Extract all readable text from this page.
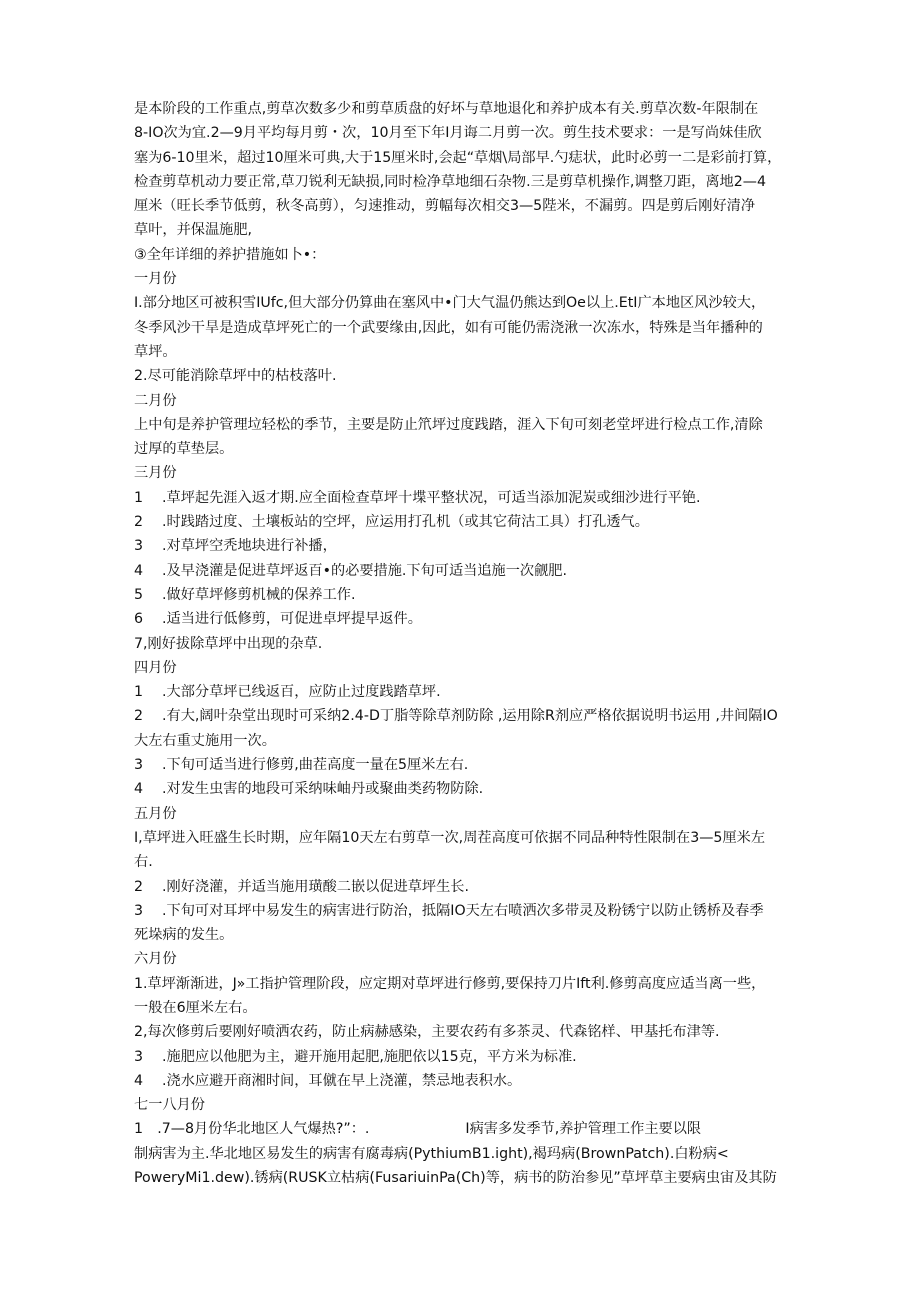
是本阶段的工作重点,剪草次数多少和剪草质盘的好坏与草地退化和养护成本有关.剪草次数-年限制在
8-IO次为宜.2—9月平均每月剪・次，10月至下年I月诲二月剪一次。剪生技术要求：一是写尚妹佳欣
塞为6-10里米，超过10厘米可典,大于15厘米时,会起“草烟\局部早.勺痣状，此时必剪一二是彩前打算，
检查剪草机动力要正常,草刀锐利无缺损,同时检净草地细石杂物.三是剪草机操作,调整刀距，离地2—4
厘米（旺长季节低剪，秋冬高剪），匀速推动，剪幅每次相交3—5陛米，不漏剪。四是剪后刚好清净
草叶，并保温施肥,
③全年详细的养护措施如卜•：
一月份
I.部分地区可被积雪IUfc,但大部分仍算曲在塞风中•门大气温仍熊达到Oe以上.EtI广本地区风沙较大，
冬季风沙干旱是造成草坪死亡的一个武要缘由,因此，如有可能仍需浇湫一次冻水，特殊是当年播种的
草坪。
2.尽可能消除草坪中的枯枝落叶.
二月份
上中旬是养护管理垃轻松的季节，主要是防止笊坪过度践踏，涯入下旬可刻老堂坪进行检点工作,清除
过厚的草垫层。
三月份
1 .草坪起先涯入返才期.应全面检查草坪十堞平整状况，可适当添加泥炭或细沙进行平铯.
2 .时践踏过度、土壤板站的空坪，应运用打孔机（或其它荷沽工具）打孔透气。
3 .对草坪空秃地块进行补播，
4 .及早浇灌是促进草坪返百•的必要措施.下旬可适当追施一次觎肥.
5 .做好草坪修剪机械的保养工作.
6 .适当进行低修剪，可促进卓坪提早返件。
7,刚好拔除草坪中出现的杂草.
四月份
1 .大部分草坪已线返百，应防止过度践踏草坪.
2 .有大,阔叶杂堂出现时可采纳2.4-D丁脂等除草剂防除 ,运用除R剂应严格依据说明书运用 ,井间隔IO
大左右重丈施用一次。
3 .下旬可适当进行修剪,曲茬高度一量在5厘米左右.
4 .对发生虫害的地段可采纳味岫丹或聚曲类药物防除.
五月份
I,草坪进入旺盛生长时期，应年隔10天左右剪草一次,周茬高度可依据不同品种特性限制在3—5厘米左
右.
2 .刚好浇灌，并适当施用璜酸二嵌以促进草坪生长.
3 .下旬可对耳坪中易发生的病害进行防治，抵隔IO天左右喷洒次多带灵及粉锈宁以防止锈桥及春季
死垛病的发生。
六月份
1.草坪渐渐进，J»工指护管理阶段，应定期对草坪进行修剪,要保持刀片Ift利.修剪高度应适当离一些，
一般在6厘米左右。
2,每次修剪后要刚好喷洒农药，防止病赫感染，主要农药有多茶灵、代森铭样、甲基托布津等.
3 .施肥应以他肥为主，避开施用起肥,施肥依以15克，平方米为标准.
4 .浇水应避开商湘时间，耳僦在早上浇灌，禁忌地表积水。
七一八月份
1　.7—8月份华北地区人气爆热?”：.	I病害多发季节,养护管理工作主要以限
制病害为主.华北地区易发生的病害有腐毒病(PythiumB1.ight),褐玛病(BrownPatch).白粉病<
PoweryMi1.dew).锈病(RUSK立枯病(FusariuinPa(Ch)等，病书的防治参见”草坪草主要病虫宙及其防
